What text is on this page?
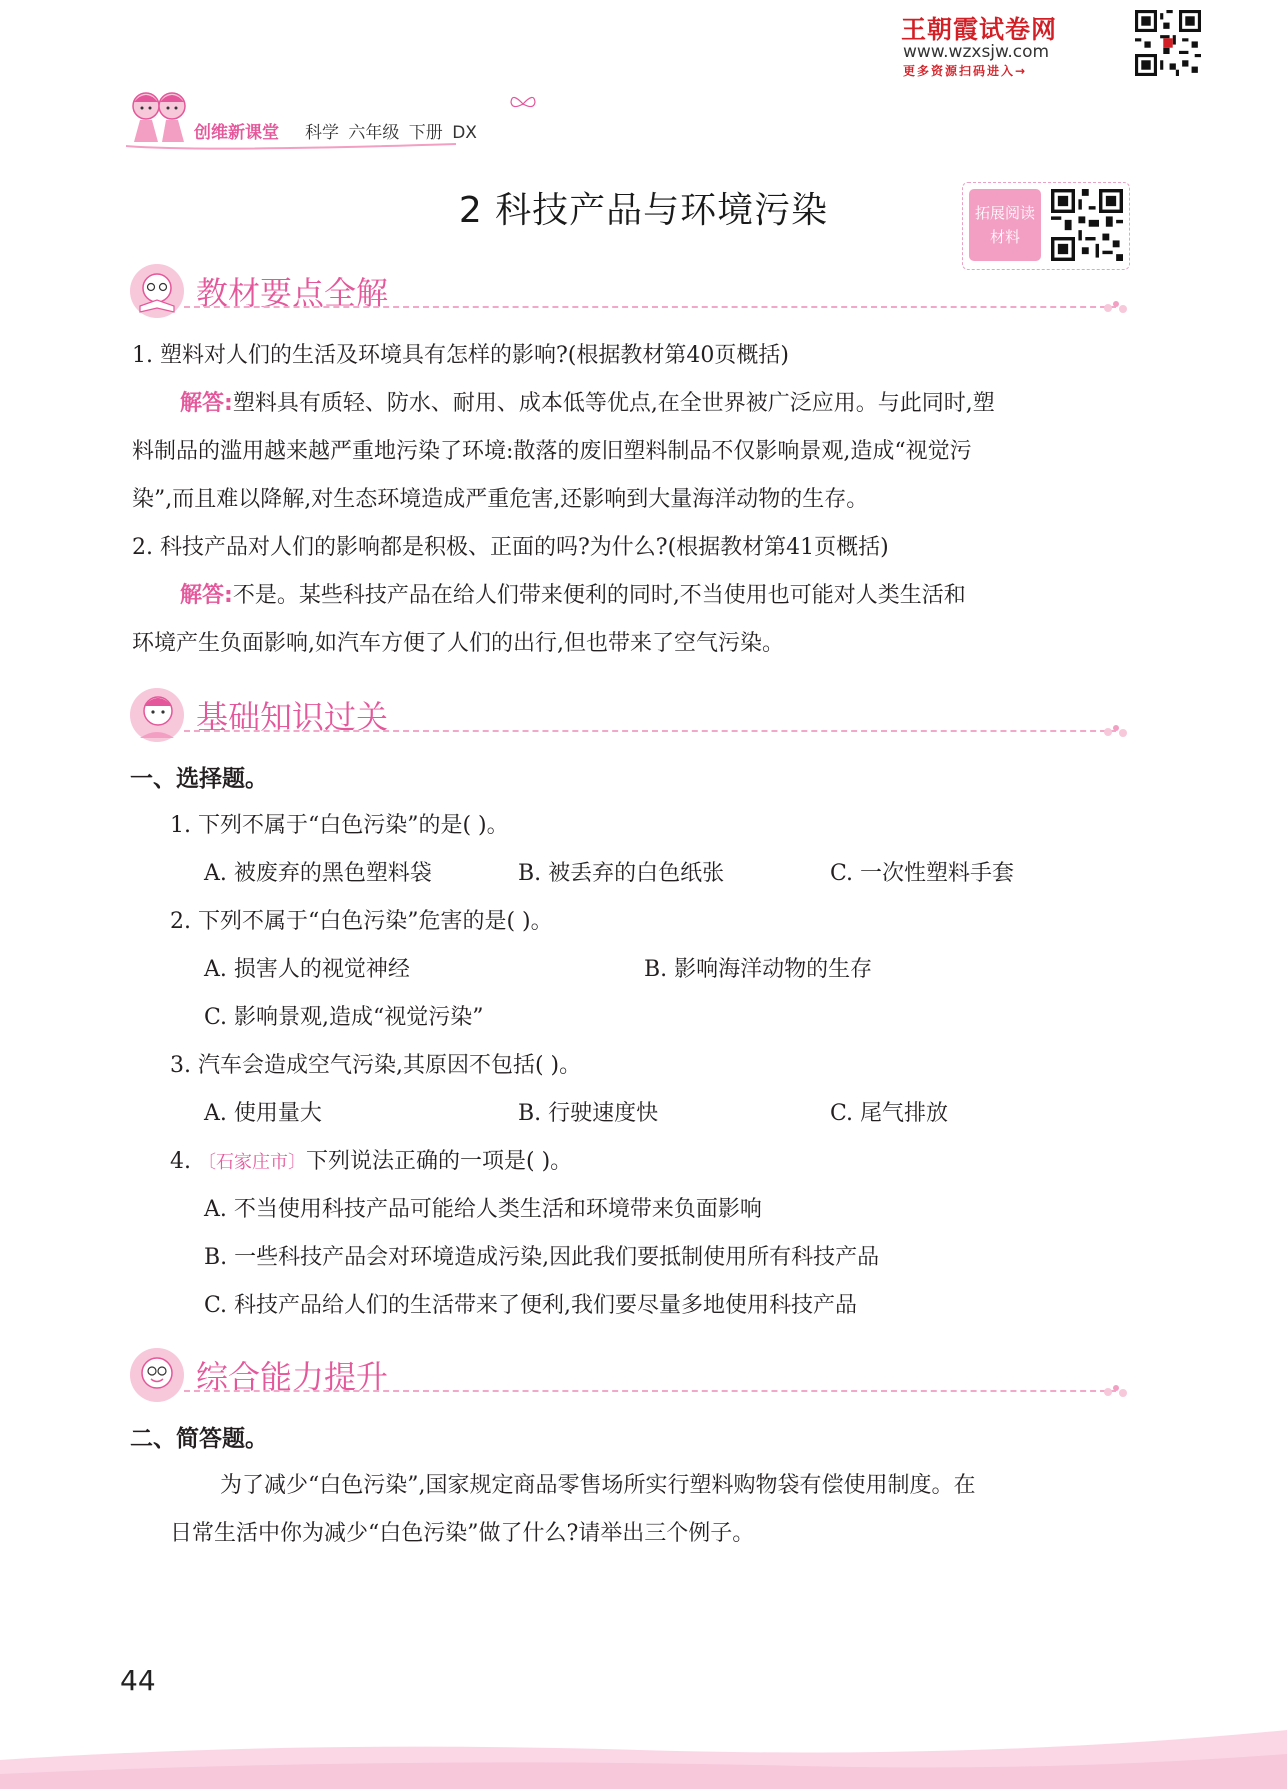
王朝霞试卷网
www.wzxsjw.com
更多资源扫码进入→
创维新课堂 科学 六年级 下册 DX
2 科技产品与环境污染	拓展阅读
材料
教材要点全解
1. 塑料对人们的生活及环境具有怎样的影响?(根据教材第40页概括)
解答:塑料具有质轻、防水、耐用、成本低等优点,在全世界被广泛应用。与此同时,塑
料制品的滥用越来越严重地污染了环境:散落的废旧塑料制品不仅影响景观,造成“视觉污
染”,而且难以降解,对生态环境造成严重危害,还影响到大量海洋动物的生存。
2. 科技产品对人们的影响都是积极、正面的吗?为什么?(根据教材第41页概括)
解答:不是。某些科技产品在给人们带来便利的同时,不当使用也可能对人类生活和
环境产生负面影响,如汽车方便了人们的出行,但也带来了空气污染。
基础知识过关
一、选择题。
1. 下列不属于“白色污染”的是( )。
A. 被废弃的黑色塑料袋	B. 被丢弃的白色纸张	C. 一次性塑料手套
2. 下列不属于“白色污染”危害的是( )。
A. 损害人的视觉神经	B. 影响海洋动物的生存
C. 影响景观,造成“视觉污染”
3. 汽车会造成空气污染,其原因不包括( )。
A. 使用量大	B. 行驶速度快	C. 尾气排放
4. 〔石家庄市〕下列说法正确的一项是( )。
A. 不当使用科技产品可能给人类生活和环境带来负面影响
B. 一些科技产品会对环境造成污染,因此我们要抵制使用所有科技产品
C. 科技产品给人们的生活带来了便利,我们要尽量多地使用科技产品
综合能力提升
二、简答题。
为了减少“白色污染”,国家规定商品零售场所实行塑料购物袋有偿使用制度。在
日常生活中你为减少“白色污染”做了什么?请举出三个例子。
44
